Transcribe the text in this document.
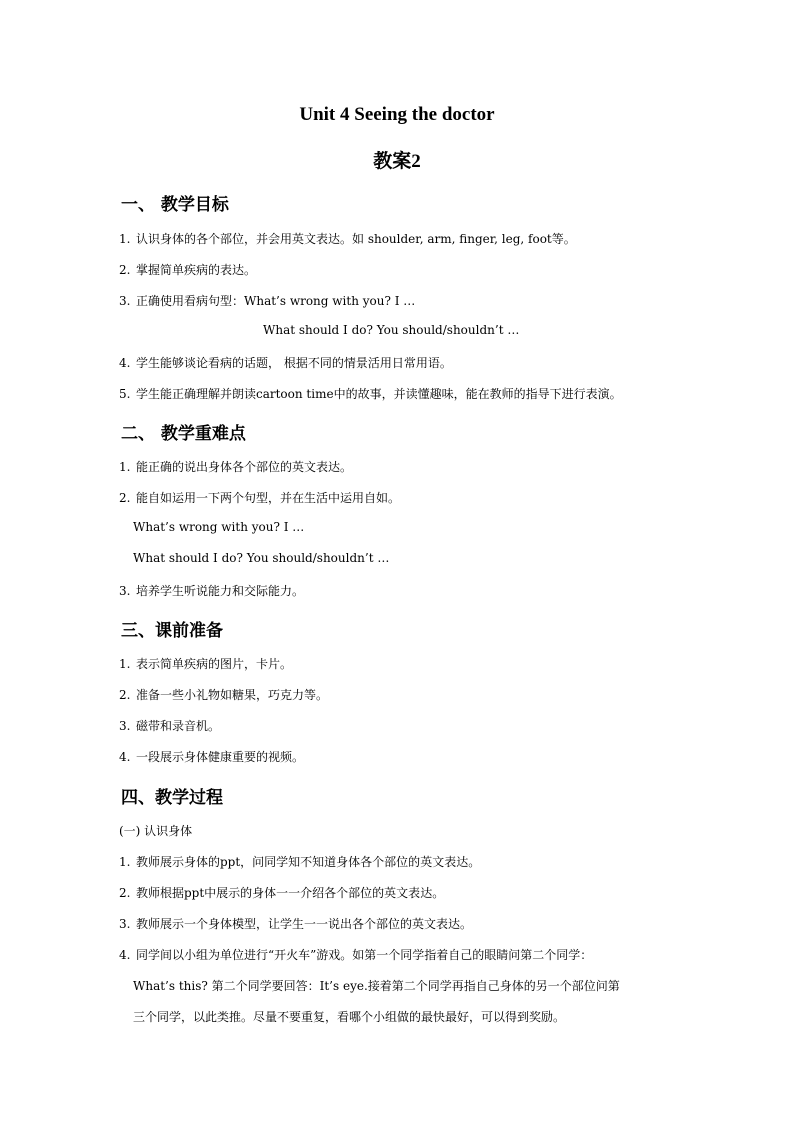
Unit 4 Seeing the doctor
教案2
一、 教学目标
1. 认识身体的各个部位，并会用英文表达。如 shoulder, arm, finger, leg, foot等。
2. 掌握简单疾病的表达。
3. 正确使用看病句型：What’s wrong with you? I …
What should I do? You should/shouldn’t …
4. 学生能够谈论看病的话题， 根据不同的情景活用日常用语。
5. 学生能正确理解并朗读cartoon time中的故事，并读懂趣味，能在教师的指导下进行表演。
二、 教学重难点
1. 能正确的说出身体各个部位的英文表达。
2. 能自如运用一下两个句型，并在生活中运用自如。
What’s wrong with you? I …
What should I do? You should/shouldn’t …
3. 培养学生听说能力和交际能力。
三、课前准备
1. 表示简单疾病的图片，卡片。
2. 准备一些小礼物如糖果，巧克力等。
3. 磁带和录音机。
4. 一段展示身体健康重要的视频。
四、教学过程
(一) 认识身体
1. 教师展示身体的ppt，问同学知不知道身体各个部位的英文表达。
2. 教师根据ppt中展示的身体一一介绍各个部位的英文表达。
3. 教师展示一个身体模型，让学生一一说出各个部位的英文表达。
4. 同学间以小组为单位进行“开火车”游戏。如第一个同学指着自己的眼睛问第二个同学：
What’s this? 第二个同学要回答：It’s eye.接着第二个同学再指自己身体的另一个部位问第
三个同学，以此类推。尽量不要重复，看哪个小组做的最快最好，可以得到奖励。
